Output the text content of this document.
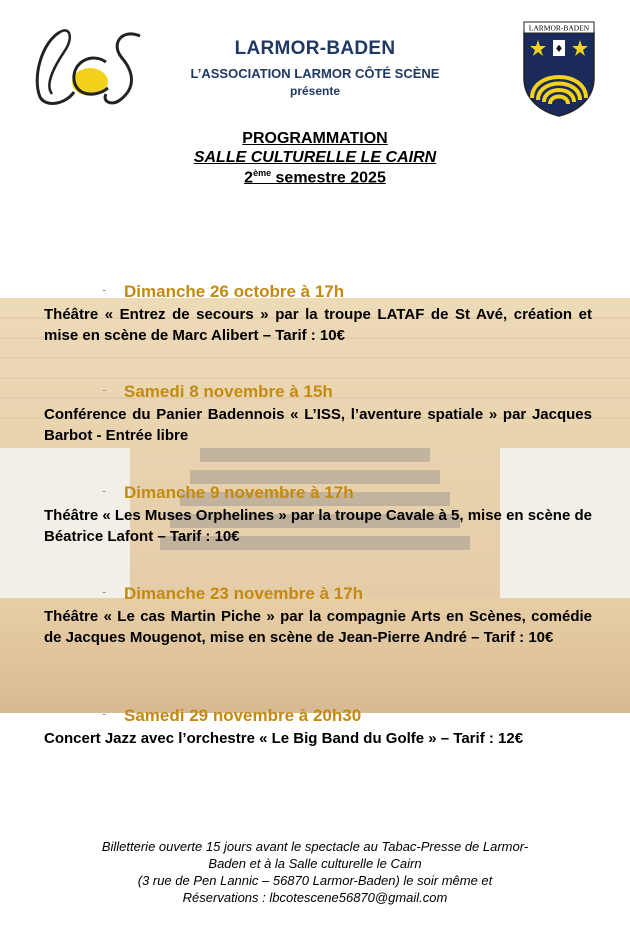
LARMOR-BADEN
♦
LARMOR-BADEN
L’ASSOCIATION LARMOR CÔTÉ SCÈNE
présente
PROGRAMMATION
SALLE CULTURELLE LE CAIRN
2ème semestre 2025
- Dimanche 26 octobre à 17h
Théâtre « Entrez de secours » par la troupe LATAF de St Avé, création et mise en scène de Marc Alibert – Tarif : 10€
- Samedi 8 novembre à 15h
Conférence du Panier Badennois « L’ISS, l’aventure spatiale » par Jacques Barbot - Entrée libre
- Dimanche 9 novembre à 17h
Théâtre « Les Muses Orphelines » par la troupe Cavale à 5, mise en scène de Béatrice Lafont – Tarif : 10€
- Dimanche 23 novembre à 17h
Théâtre « Le cas Martin Piche » par la compagnie Arts en Scènes, comédie de Jacques Mougenot, mise en scène de Jean-Pierre André – Tarif : 10€
- Samedi 29 novembre à 20h30
Concert Jazz avec l’orchestre « Le Big Band du Golfe » – Tarif : 12€
Billetterie ouverte 15 jours avant le spectacle au Tabac-Presse de Larmor-
Baden et à la Salle culturelle le Cairn
(3 rue de Pen Lannic – 56870 Larmor-Baden) le soir même et
Réservations : lbcotescene56870@gmail.com
